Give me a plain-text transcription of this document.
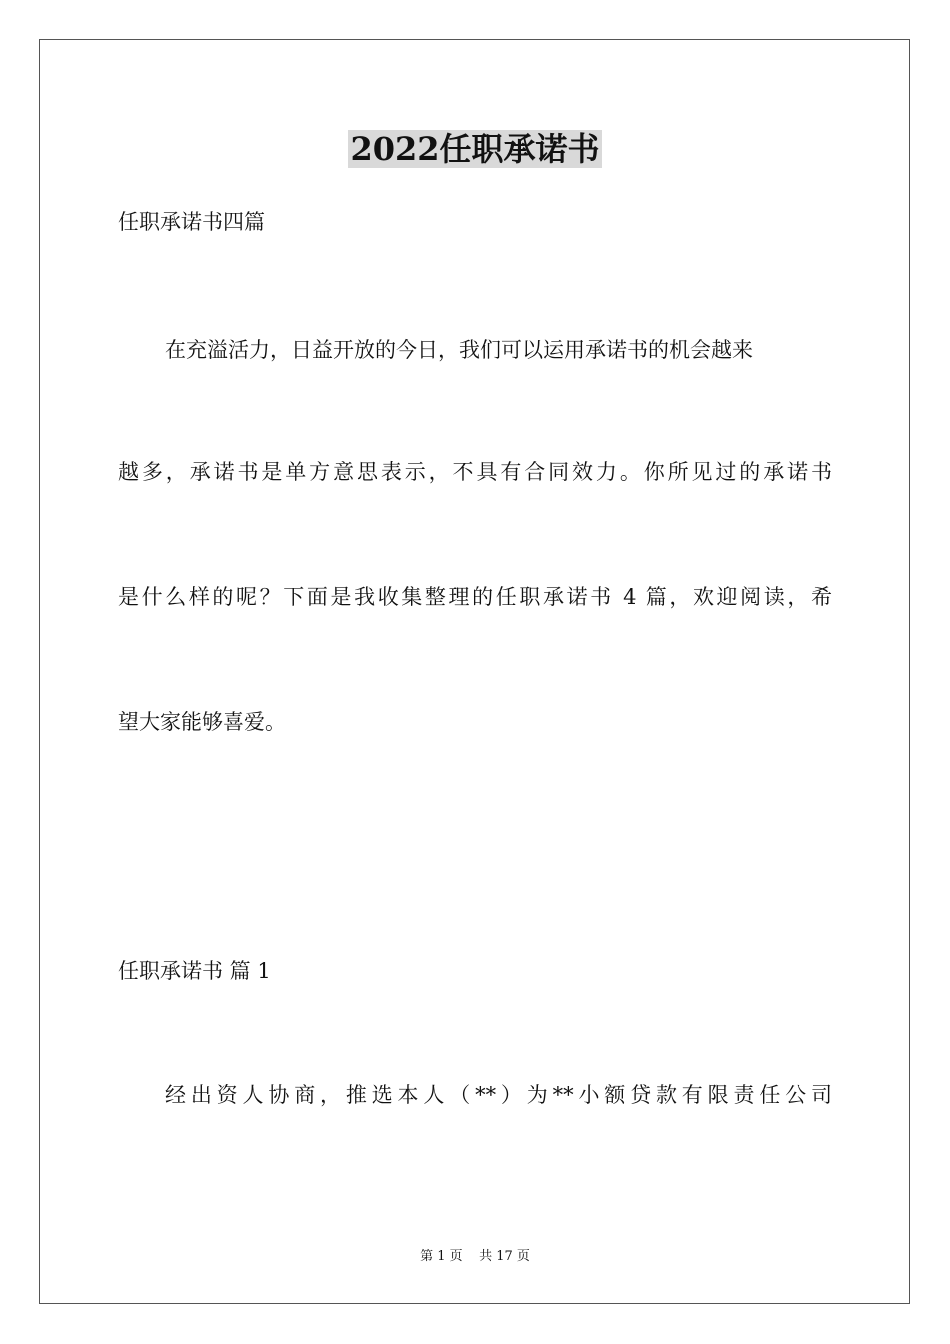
2022任职承诺书
任职承诺书四篇
在充溢活力，日益开放的今日，我们可以运用承诺书的机会越来
越多，承诺书是单方意思表示，不具有合同效力。你所见过的承诺书
是什么样的呢？下面是我收集整理的任职承诺书 4 篇，欢迎阅读，希
望大家能够喜爱。
任职承诺书 篇 1
经出资人协商，推选本人（**）为**小额贷款有限责任公司
第 1 页    共 17 页
